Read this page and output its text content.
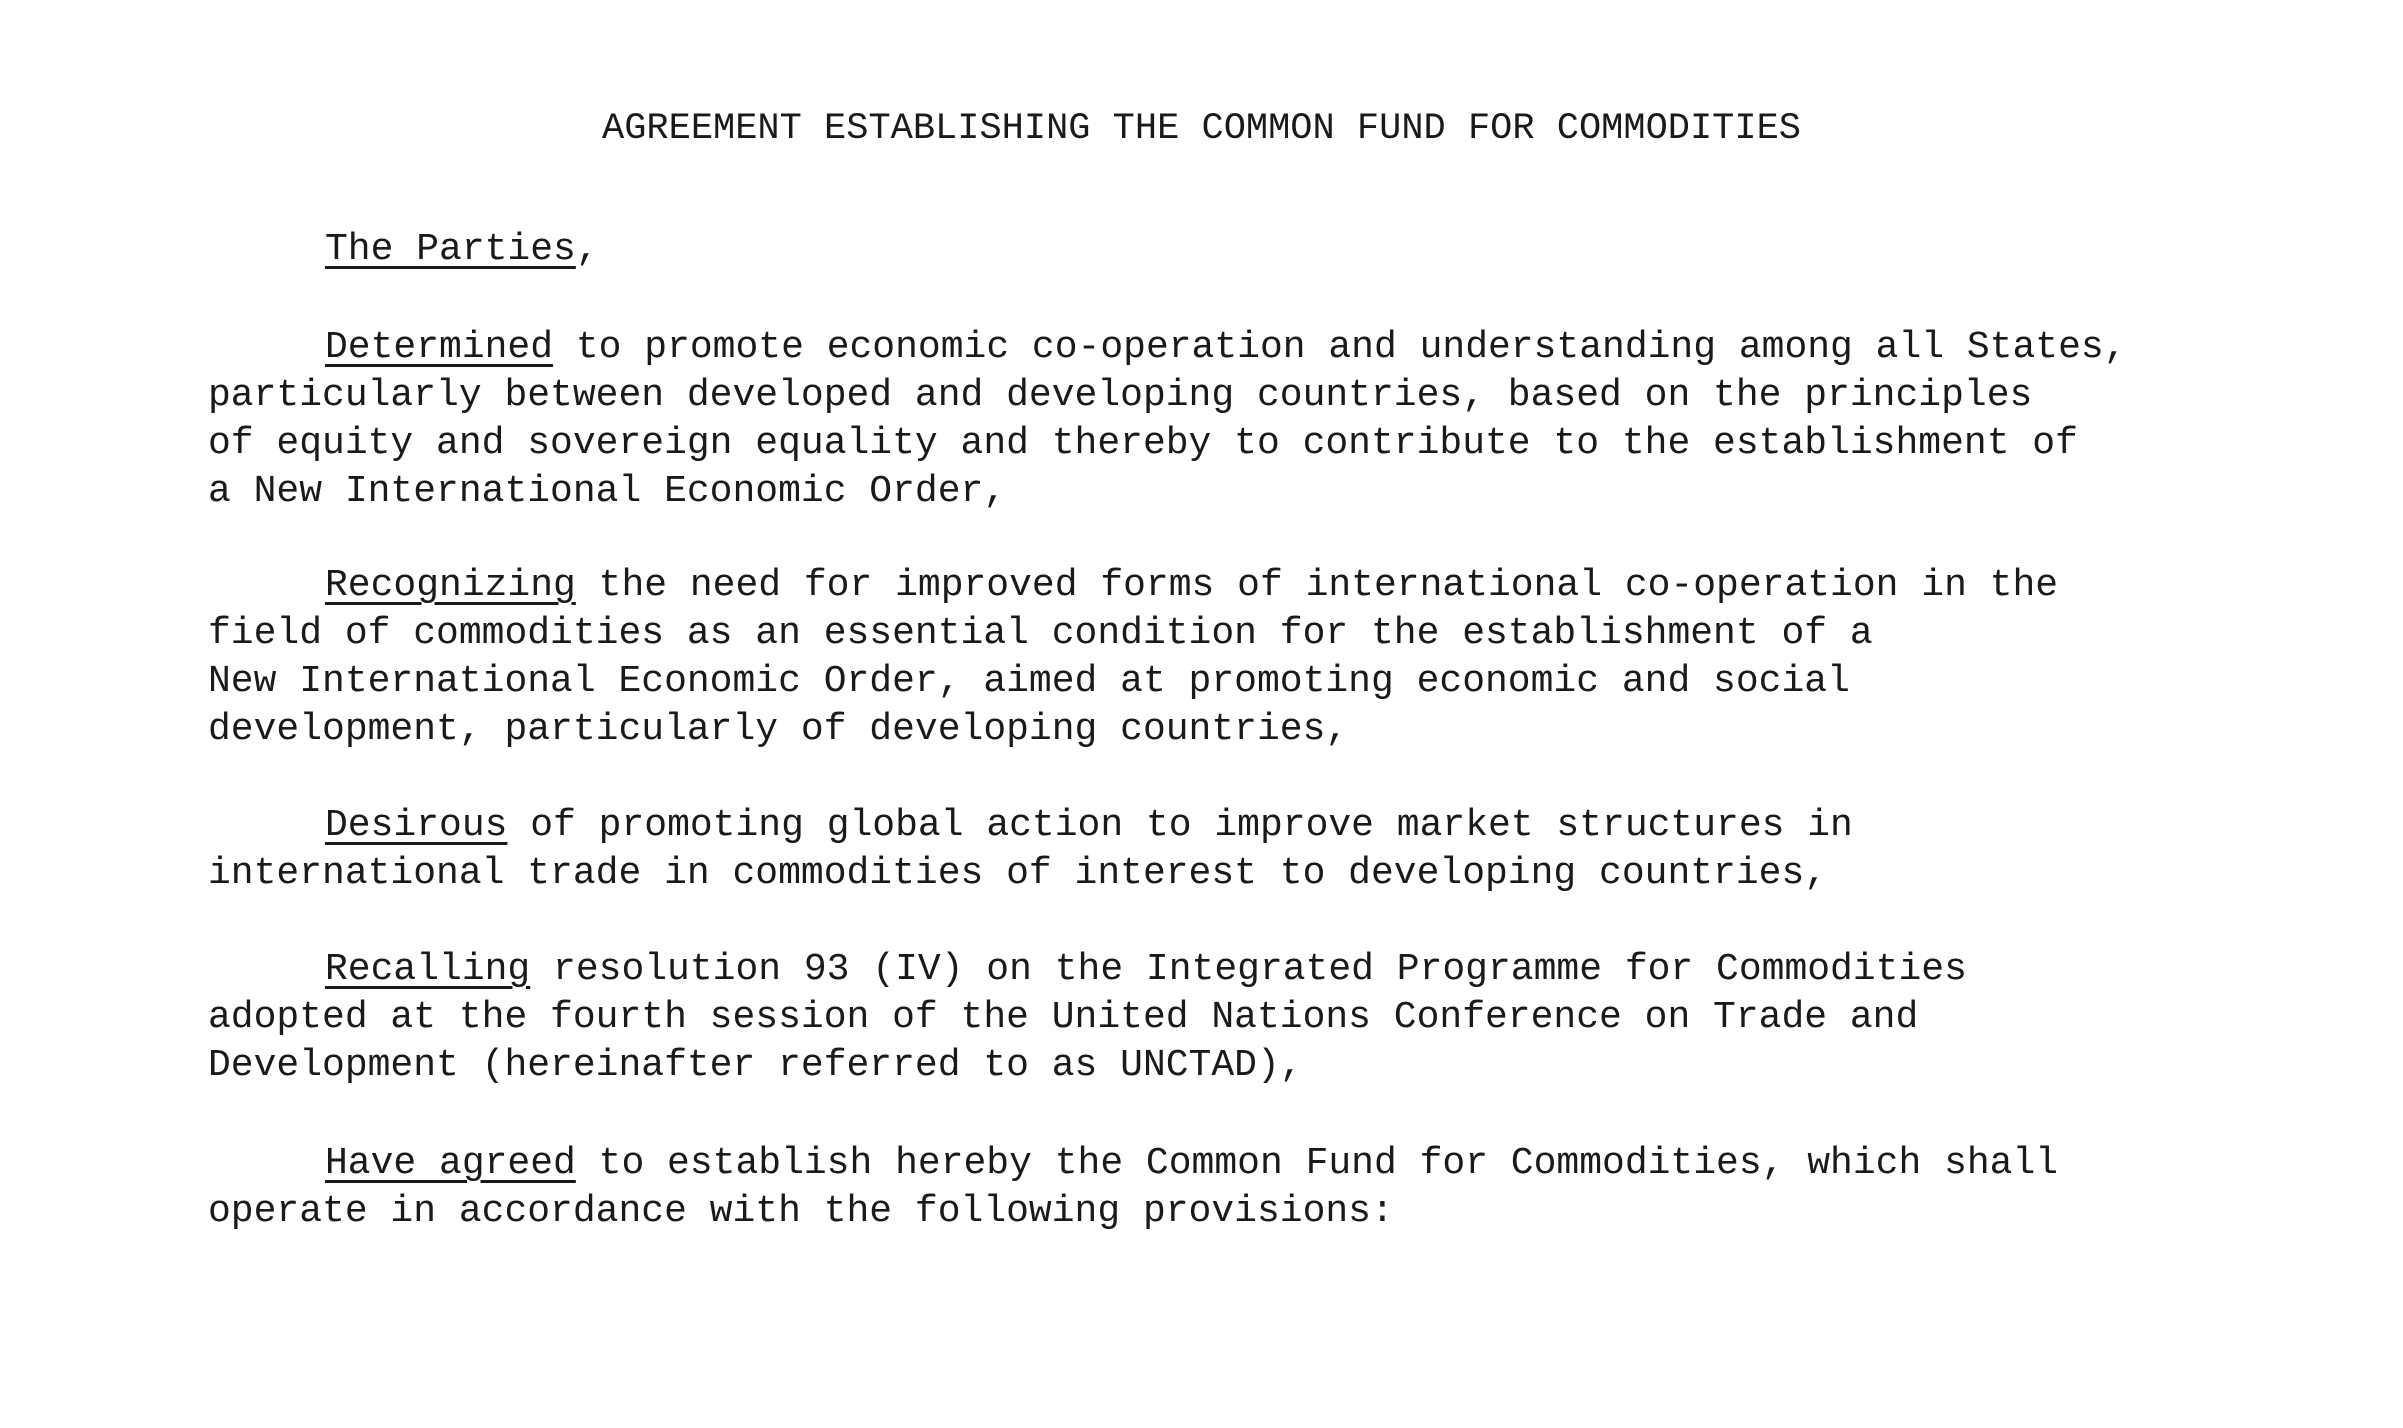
AGREEMENT ESTABLISHING THE COMMON FUND FOR COMMODITIES
The Parties,
Determined to promote economic co-operation and understanding among all States,
particularly between developed and developing countries, based on the principles
of equity and sovereign equality and thereby to contribute to the establishment of
a New International Economic Order,
Recognizing the need for improved forms of international co-operation in the
field of commodities as an essential condition for the establishment of a
New International Economic Order, aimed at promoting economic and social
development, particularly of developing countries,
Desirous of promoting global action to improve market structures in
international trade in commodities of interest to developing countries,
Recalling resolution 93 (IV) on the Integrated Programme for Commodities
adopted at the fourth session of the United Nations Conference on Trade and
Development (hereinafter referred to as UNCTAD),
Have agreed to establish hereby the Common Fund for Commodities, which shall
operate in accordance with the following provisions:
